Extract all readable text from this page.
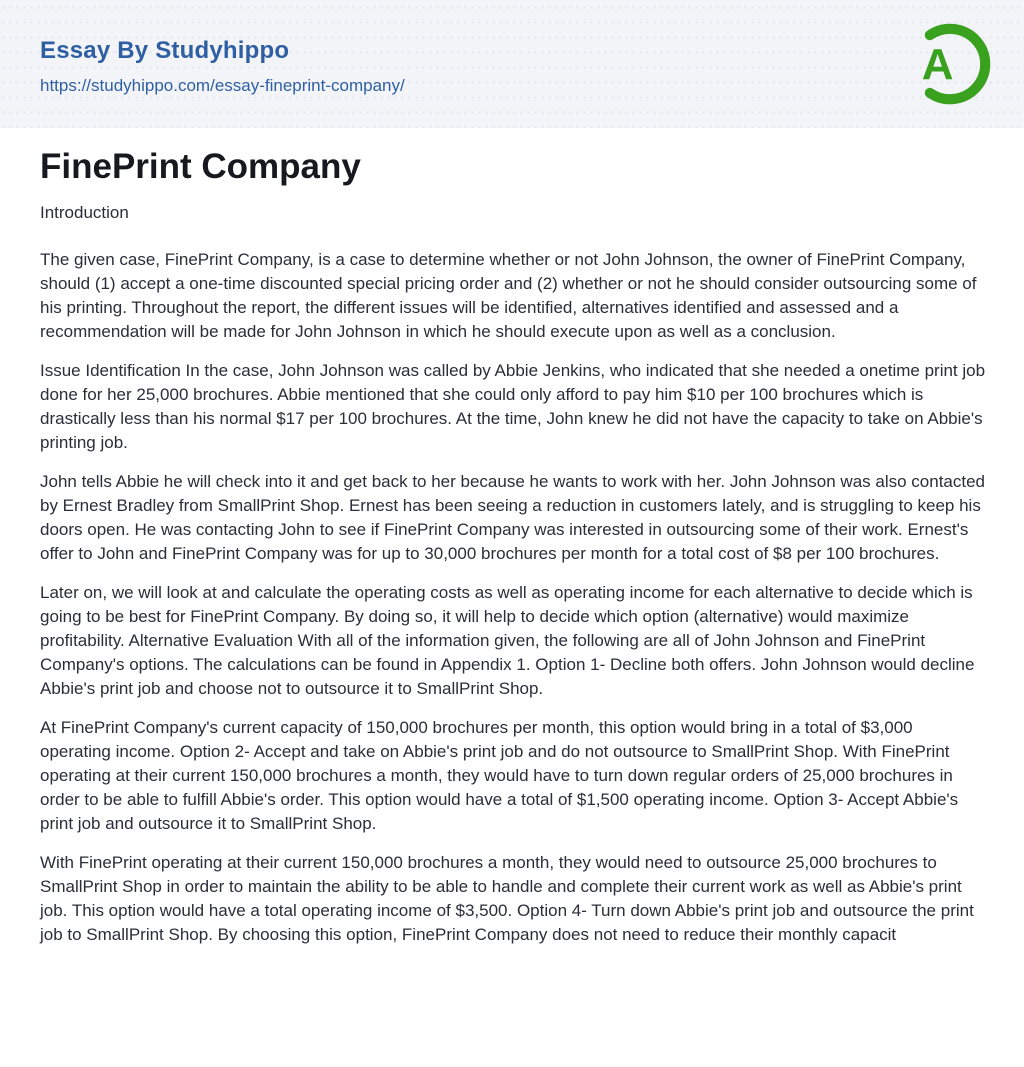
Essay By Studyhippo
https://studyhippo.com/essay-fineprint-company/	A
FinePrint Company
Introduction

The given case, FinePrint Company, is a case to determine whether or not John Johnson, the owner of FinePrint Company, should (1) accept a one-time discounted special pricing order and (2) whether or not he should consider outsourcing some of his printing. Throughout the report, the different issues will be identified, alternatives identified and assessed and a recommendation will be made for John Johnson in which he should execute upon as well as a conclusion.

Issue Identification In the case, John Johnson was called by Abbie Jenkins, who indicated that she needed a onetime print job done for her 25,000 brochures. Abbie mentioned that she could only afford to pay him $10 per 100 brochures which is drastically less than his normal $17 per 100 brochures. At the time, John knew he did not have the capacity to take on Abbie's printing job.

John tells Abbie he will check into it and get back to her because he wants to work with her. John Johnson was also contacted by Ernest Bradley from SmallPrint Shop. Ernest has been seeing a reduction in customers lately, and is struggling to keep his doors open. He was contacting John to see if FinePrint Company was interested in outsourcing some of their work. Ernest's offer to John and FinePrint Company was for up to 30,000 brochures per month for a total cost of $8 per 100 brochures.

Later on, we will look at and calculate the operating costs as well as operating income for each alternative to decide which is going to be best for FinePrint Company. By doing so, it will help to decide which option (alternative) would maximize profitability. Alternative Evaluation With all of the information given, the following are all of John Johnson and FinePrint Company's options. The calculations can be found in Appendix 1. Option 1- Decline both offers. John Johnson would decline Abbie's print job and choose not to outsource it to SmallPrint Shop.

At FinePrint Company's current capacity of 150,000 brochures per month, this option would bring in a total of $3,000 operating income. Option 2- Accept and take on Abbie's print job and do not outsource to SmallPrint Shop. With FinePrint operating at their current 150,000 brochures a month, they would have to turn down regular orders of 25,000 brochures in order to be able to fulfill Abbie's order. This option would have a total of $1,500 operating income. Option 3- Accept Abbie's print job and outsource it to SmallPrint Shop.

With FinePrint operating at their current 150,000 brochures a month, they would need to outsource 25,000 brochures to SmallPrint Shop in order to maintain the ability to be able to handle and complete their current work as well as Abbie's print job. This option would have a total operating income of $3,500. Option 4- Turn down Abbie's print job and outsource the print job to SmallPrint Shop. By choosing this option, FinePrint Company does not need to reduce their monthly capacit
